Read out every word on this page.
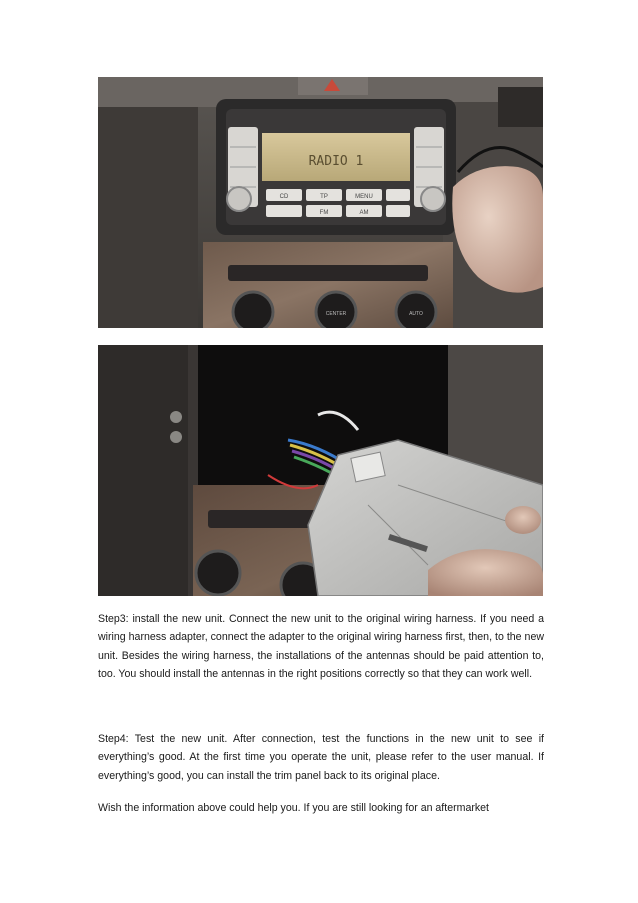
RADIO 1
CD	TP	MENU
FM	AM
CENTER	AUTO

Step3: install the new unit. Connect the new unit to the original wiring harness. If you need a wiring harness adapter, connect the adapter to the original wiring harness first, then, to the new unit. Besides the wiring harness, the installations of the antennas should be paid attention to, too. You should install the antennas in the right positions correctly so that they can work well.

Step4: Test the new unit. After connection, test the functions in the new unit to see if everything’s good. At the first time you operate the unit, please refer to the user manual. If everything’s good, you can install the trim panel back to its original place.

Wish the information above could help you. If you are still looking for an aftermarket
